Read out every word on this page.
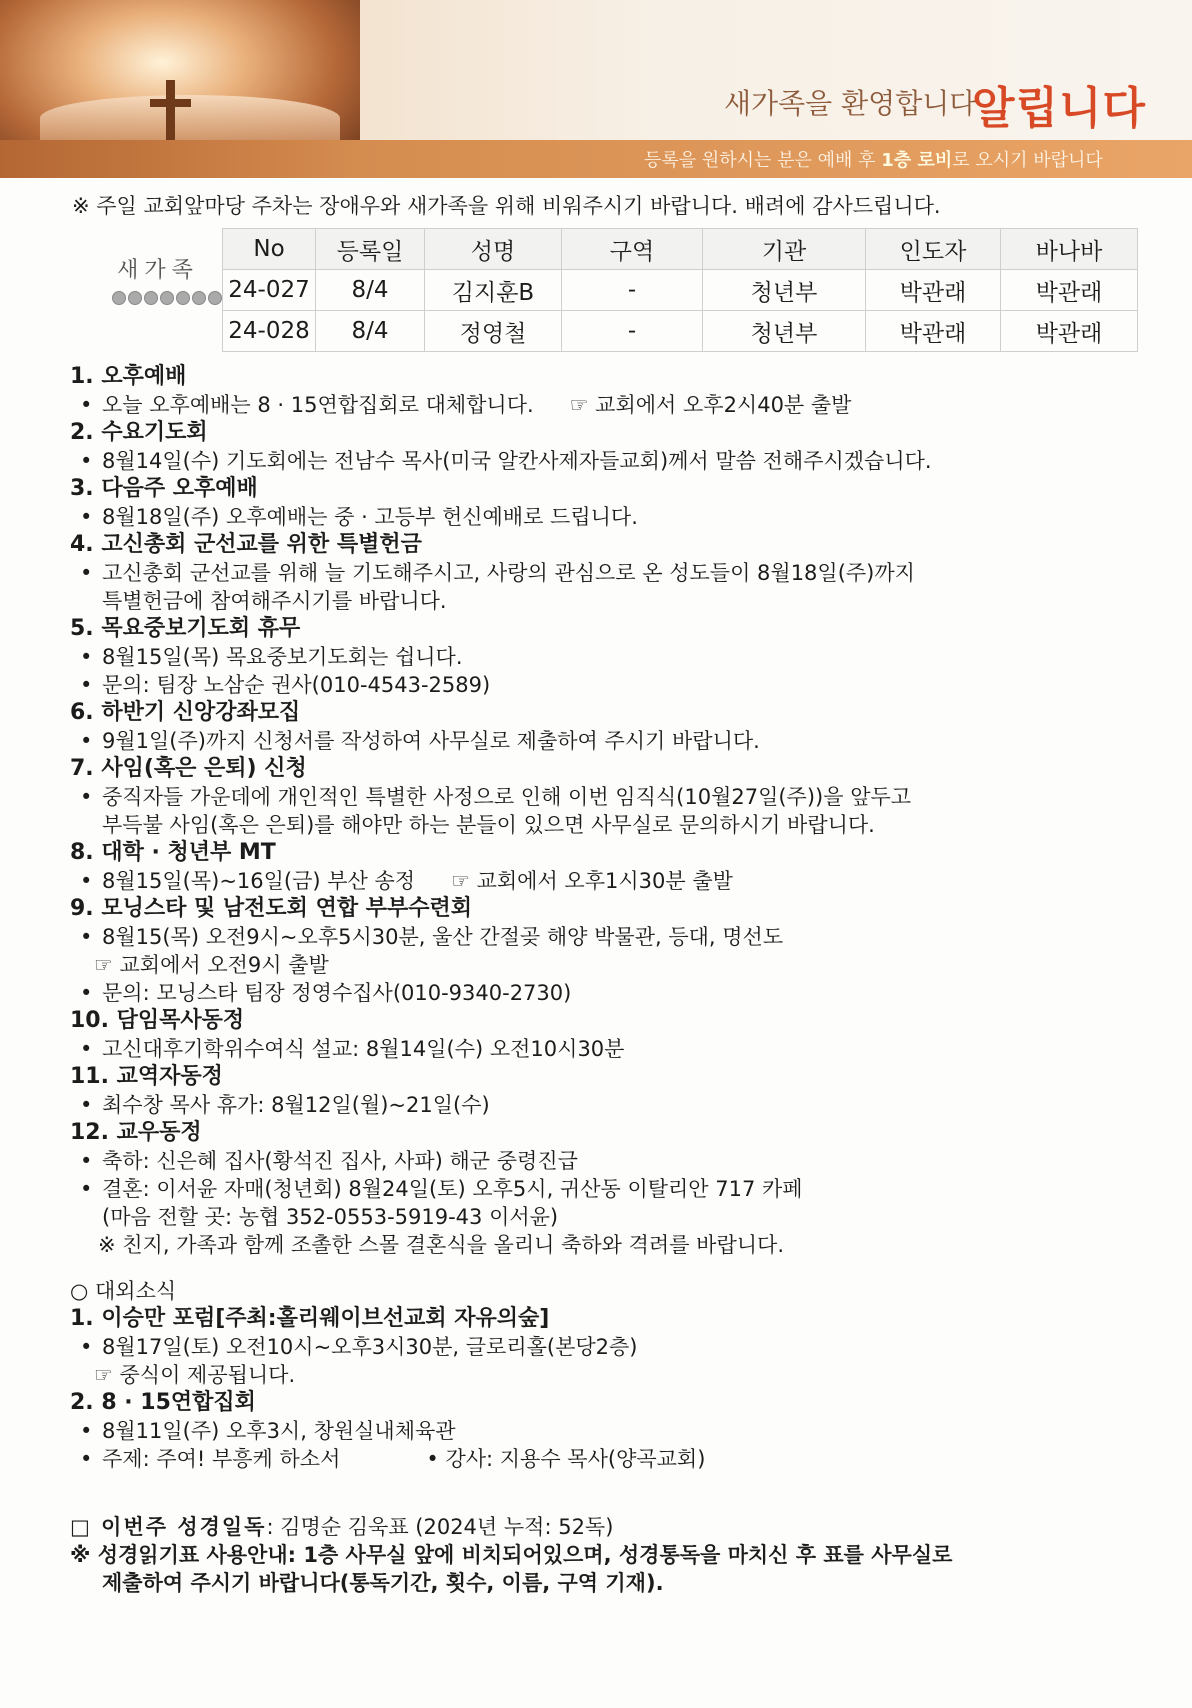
새가족을 환영합니다
알립니다
등록을 원하시는 분은 예배 후 1층 로비로 오시기 바랍니다
※ 주일 교회앞마당 주차는 장애우와 새가족을 위해 비워주시기 바랍니다. 배려에 감사드립니다.
새가족
No	등록일	성명	구역	기관	인도자	바나바
24-027	8/4	김지훈B	-	청년부	박관래	박관래
24-028	8/4	정영철	-	청년부	박관래	박관래
1. 오후예배
• 오늘 오후예배는 8 · 15연합집회로 대체합니다. ☞ 교회에서 오후2시40분 출발
2. 수요기도회
• 8월14일(수) 기도회에는 전남수 목사(미국 알칸사제자들교회)께서 말씀 전해주시겠습니다.
3. 다음주 오후예배
• 8월18일(주) 오후예배는 중 · 고등부 헌신예배로 드립니다.
4. 고신총회 군선교를 위한 특별헌금
• 고신총회 군선교를 위해 늘 기도해주시고, 사랑의 관심으로 온 성도들이 8월18일(주)까지
특별헌금에 참여해주시기를 바랍니다.
5. 목요중보기도회 휴무
• 8월15일(목) 목요중보기도회는 쉽니다.
• 문의: 팀장 노삼순 권사(010-4543-2589)
6. 하반기 신앙강좌모집
• 9월1일(주)까지 신청서를 작성하여 사무실로 제출하여 주시기 바랍니다.
7. 사임(혹은 은퇴) 신청
• 중직자들 가운데에 개인적인 특별한 사정으로 인해 이번 임직식(10월27일(주))을 앞두고
부득불 사임(혹은 은퇴)를 해야만 하는 분들이 있으면 사무실로 문의하시기 바랍니다.
8. 대학 · 청년부 MT
• 8월15일(목)~16일(금) 부산 송정 ☞ 교회에서 오후1시30분 출발
9. 모닝스타 및 남전도회 연합 부부수련회
• 8월15(목) 오전9시~오후5시30분, 울산 간절곶 해양 박물관, 등대, 명선도
☞ 교회에서 오전9시 출발
• 문의: 모닝스타 팀장 정영수집사(010-9340-2730)
10. 담임목사동정
• 고신대후기학위수여식 설교: 8월14일(수) 오전10시30분
11. 교역자동정
• 최수창 목사 휴가: 8월12일(월)~21일(수)
12. 교우동정
• 축하: 신은혜 집사(황석진 집사, 사파) 해군 중령진급
• 결혼: 이서윤 자매(청년회) 8월24일(토) 오후5시, 귀산동 이탈리안 717 카페
(마음 전할 곳: 농협 352-0553-5919-43 이서윤)
※ 친지, 가족과 함께 조촐한 스몰 결혼식을 올리니 축하와 격려를 바랍니다.
○ 대외소식
1. 이승만 포럼[주최:홀리웨이브선교회 자유의숲]
• 8월17일(토) 오전10시~오후3시30분, 글로리홀(본당2층)
☞ 중식이 제공됩니다.
2. 8 · 15연합집회
• 8월11일(주) 오후3시, 창원실내체육관
• 주제: 주여! 부흥케 하소서	• 강사: 지용수 목사(양곡교회)
□ 이번주 성경일독: 김명순 김욱표 (2024년 누적: 52독)
※ 성경읽기표 사용안내: 1층 사무실 앞에 비치되어있으며, 성경통독을 마치신 후 표를 사무실로
제출하여 주시기 바랍니다(통독기간, 횟수, 이름, 구역 기재).
